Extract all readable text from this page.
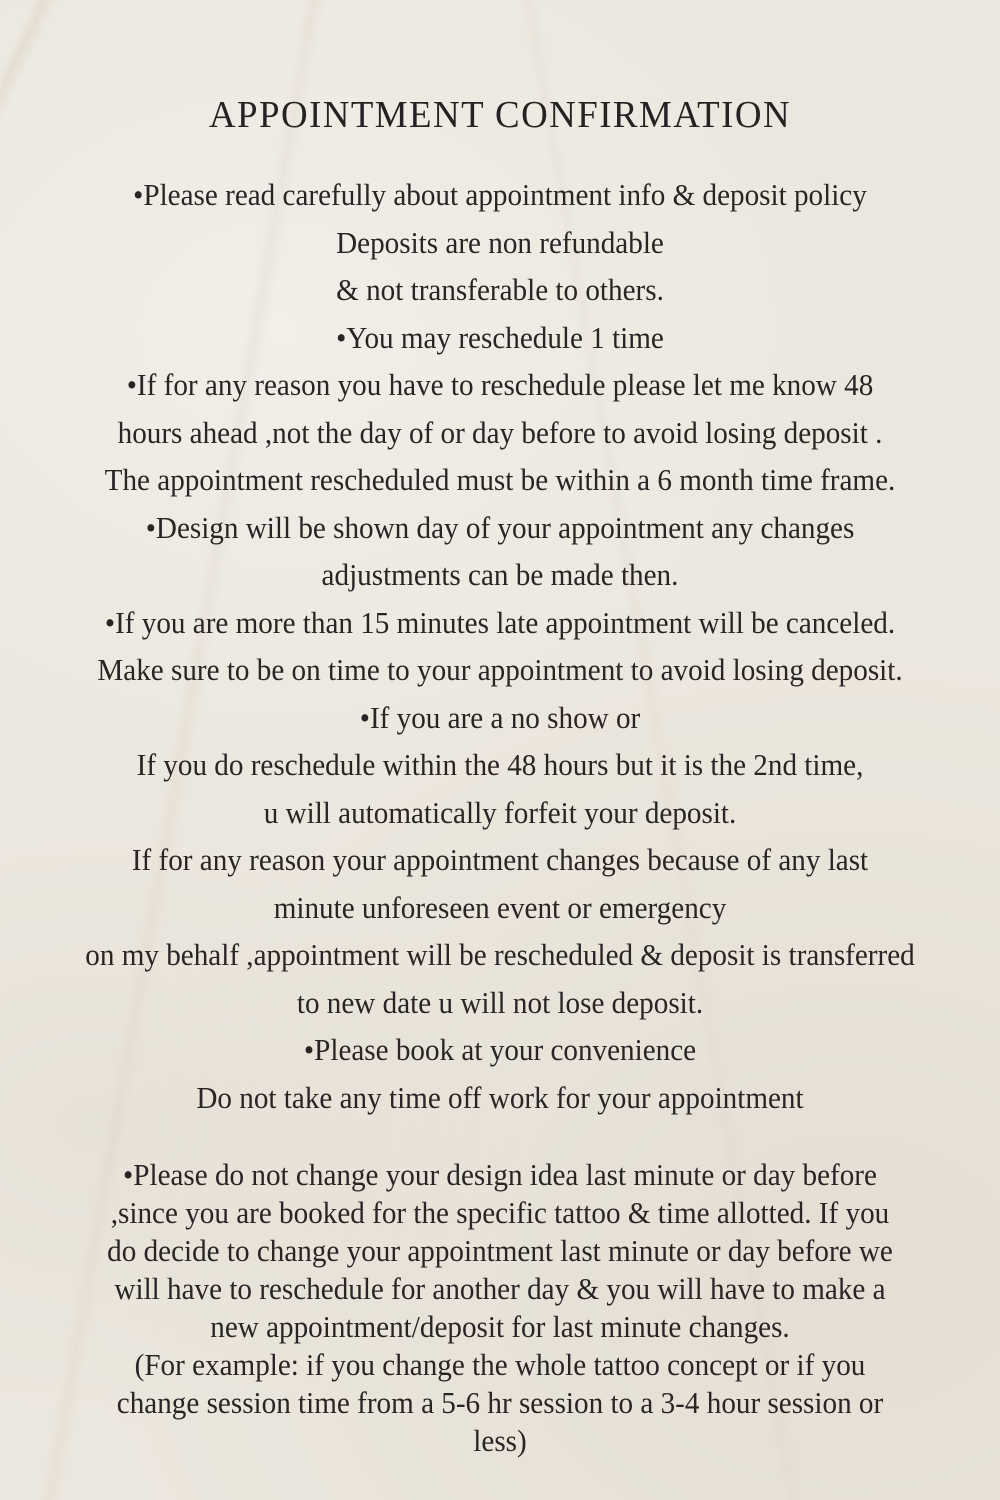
APPOINTMENT CONFIRMATION
•Please read carefully about appointment info & deposit policy
Deposits are non refundable
& not transferable to others.
•You may reschedule 1 time
•If for any reason you have to reschedule please let me know 48
hours ahead ,not the day of or day before to avoid losing deposit .
The appointment rescheduled must be within a 6 month time frame.
•Design will be shown day of your appointment any changes
adjustments can be made then.
•If you are more than 15 minutes late appointment will be canceled.
Make sure to be on time to your appointment to avoid losing deposit.
•If you are a no show or
If you do reschedule within the 48 hours but it is the 2nd time,
u will automatically forfeit your deposit.
If for any reason your appointment changes because of any last
minute unforeseen event or emergency
on my behalf ,appointment will be rescheduled & deposit is transferred
to new date u will not lose deposit.
•Please book at your convenience
Do not take any time off work for your appointment
•Please do not change your design idea last minute or day before
,since you are booked for the specific tattoo & time allotted. If you
do decide to change your appointment last minute or day before we
will have to reschedule for another day & you will have to make a
new appointment/deposit for last minute changes.
(For example: if you change the whole tattoo concept or if you
change session time from a 5-6 hr session to a 3-4 hour session or
less)
